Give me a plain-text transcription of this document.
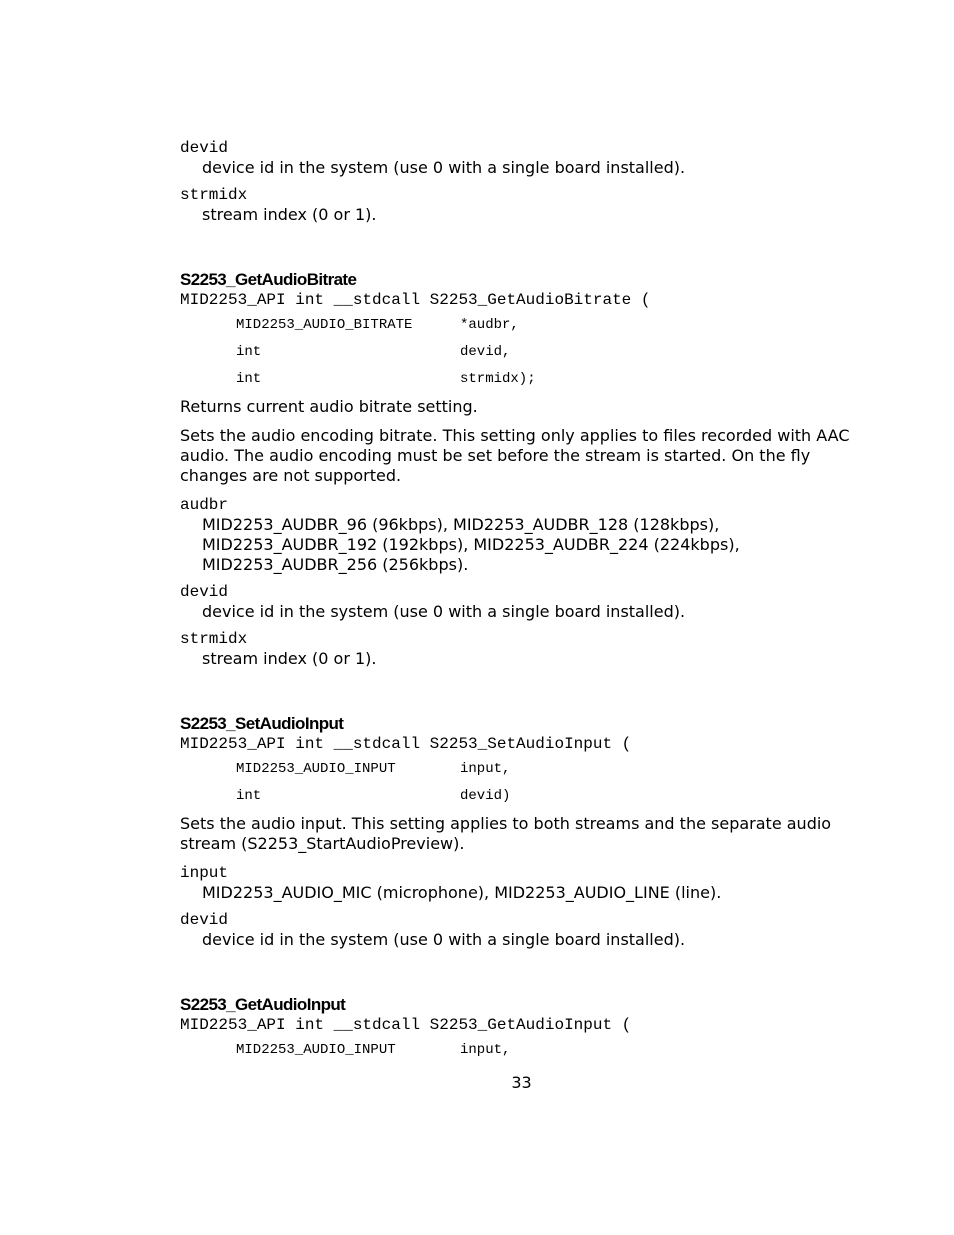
devid

device id in the system (use 0 with a single board installed).

strmidx

stream index (0 or 1).

S2253_GetAudioBitrate

MID2253_API int __stdcall S2253_GetAudioBitrate (

MID2253_AUDIO_BITRATE	*audbr,
int	devid,
int	strmidx);

Returns current audio bitrate setting.

Sets the audio encoding bitrate. This setting only applies to files recorded with AAC audio. The audio encoding must be set before the stream is started. On the fly changes are not supported.

audbr

MID2253_AUDBR_96 (96kbps), MID2253_AUDBR_128 (128kbps), MID2253_AUDBR_192 (192kbps), MID2253_AUDBR_224 (224kbps), MID2253_AUDBR_256 (256kbps).

devid

device id in the system (use 0 with a single board installed).

strmidx

stream index (0 or 1).

S2253_SetAudioInput

MID2253_API int __stdcall S2253_SetAudioInput (

MID2253_AUDIO_INPUT	input,
int	devid)

Sets the audio input. This setting applies to both streams and the separate audio stream (S2253_StartAudioPreview).

input

MID2253_AUDIO_MIC (microphone), MID2253_AUDIO_LINE (line).

devid

device id in the system (use 0 with a single board installed).

S2253_GetAudioInput

MID2253_API int __stdcall S2253_GetAudioInput (

MID2253_AUDIO_INPUT	input,
33
